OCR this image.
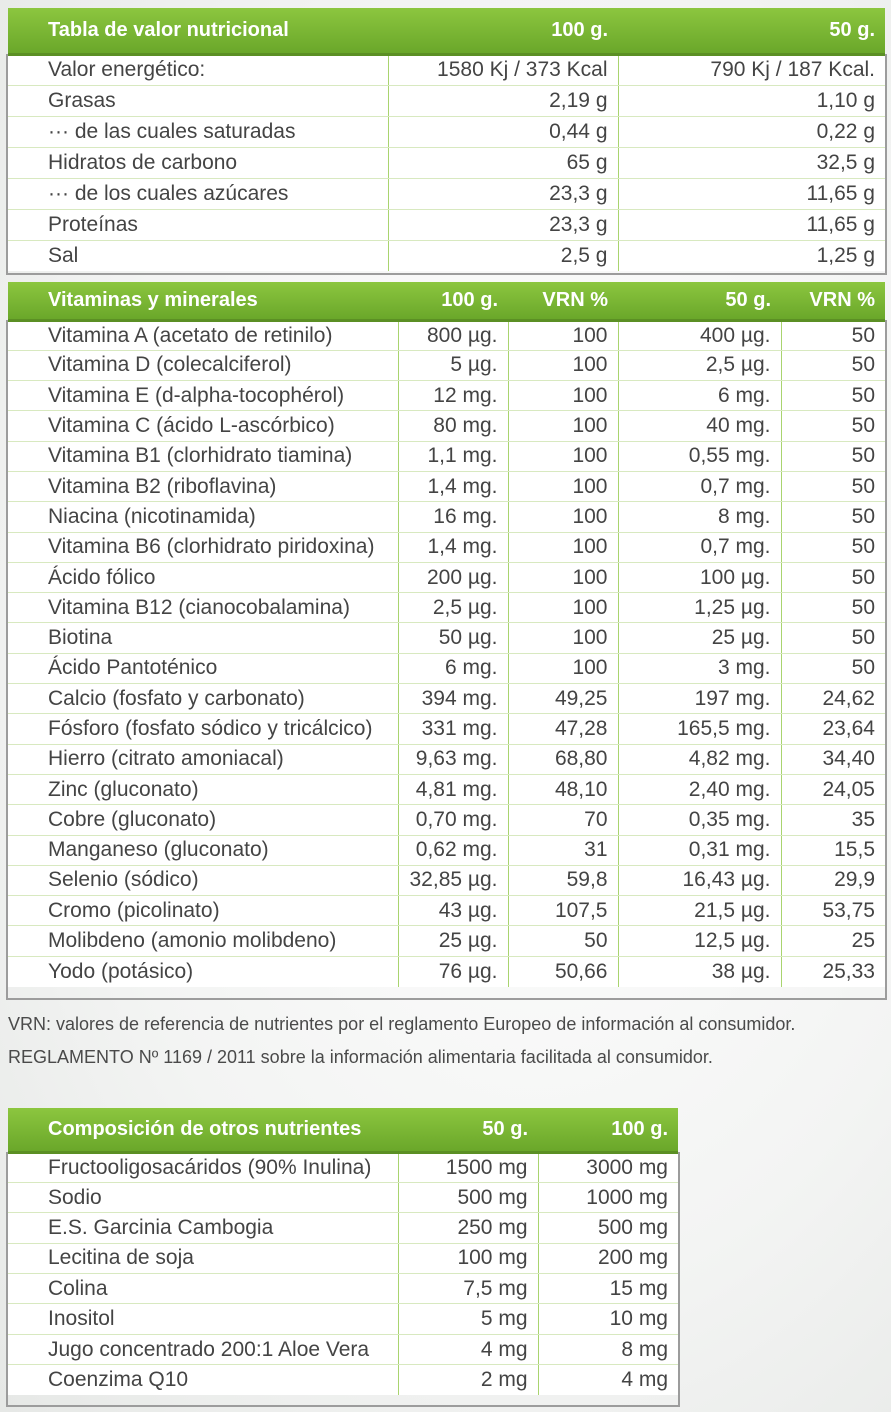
Tabla de valor nutricional	100 g.	50 g.
Valor energético:	1580 Kj / 373 Kcal	790 Kj / 187 Kcal.
Grasas	2,19 g	1,10 g
··· de las cuales saturadas	0,44 g	0,22 g
Hidratos de carbono	65 g	32,5 g
··· de los cuales azúcares	23,3 g	11,65 g
Proteínas	23,3 g	11,65 g
Sal	2,5 g	1,25 g
Vitaminas y minerales	100 g.	VRN %	50 g.	VRN %
Vitamina A (acetato de retinilo)	800 µg.	100	400 µg.	50
Vitamina D (colecalciferol)	5 µg.	100	2,5 µg.	50
Vitamina E (d-alpha-tocophérol)	12 mg.	100	6 mg.	50
Vitamina C (ácido L-ascórbico)	80 mg.	100	40 mg.	50
Vitamina B1 (clorhidrato tiamina)	1,1 mg.	100	0,55 mg.	50
Vitamina B2 (riboflavina)	1,4 mg.	100	0,7 mg.	50
Niacina (nicotinamida)	16 mg.	100	8 mg.	50
Vitamina B6 (clorhidrato piridoxina)	1,4 mg.	100	0,7 mg.	50
Ácido fólico	200 µg.	100	100 µg.	50
Vitamina B12 (cianocobalamina)	2,5 µg.	100	1,25 µg.	50
Biotina	50 µg.	100	25 µg.	50
Ácido Pantoténico	6 mg.	100	3 mg.	50
Calcio (fosfato y carbonato)	394 mg.	49,25	197 mg.	24,62
Fósforo (fosfato sódico y tricálcico)	331 mg.	47,28	165,5 mg.	23,64
Hierro (citrato amoniacal)	9,63 mg.	68,80	4,82 mg.	34,40
Zinc (gluconato)	4,81 mg.	48,10	2,40 mg.	24,05
Cobre (gluconato)	0,70 mg.	70	0,35 mg.	35
Manganeso (gluconato)	0,62 mg.	31	0,31 mg.	15,5
Selenio (sódico)	32,85 µg.	59,8	16,43 µg.	29,9
Cromo (picolinato)	43 µg.	107,5	21,5 µg.	53,75
Molibdeno (amonio molibdeno)	25 µg.	50	12,5 µg.	25
Yodo (potásico)	76 µg.	50,66	38 µg.	25,33
VRN: valores de referencia de nutrientes por el reglamento Europeo de información al consumidor.
REGLAMENTO Nº 1169 / 2011 sobre la información alimentaria facilitada al consumidor.
Composición de otros nutrientes	50 g.	100 g.
Fructooligosacáridos (90% Inulina)	1500 mg	3000 mg
Sodio	500 mg	1000 mg
E.S. Garcinia Cambogia	250 mg	500 mg
Lecitina de soja	100 mg	200 mg
Colina	7,5 mg	15 mg
Inositol	5 mg	10 mg
Jugo concentrado 200:1 Aloe Vera	4 mg	8 mg
Coenzima Q10	2 mg	4 mg
